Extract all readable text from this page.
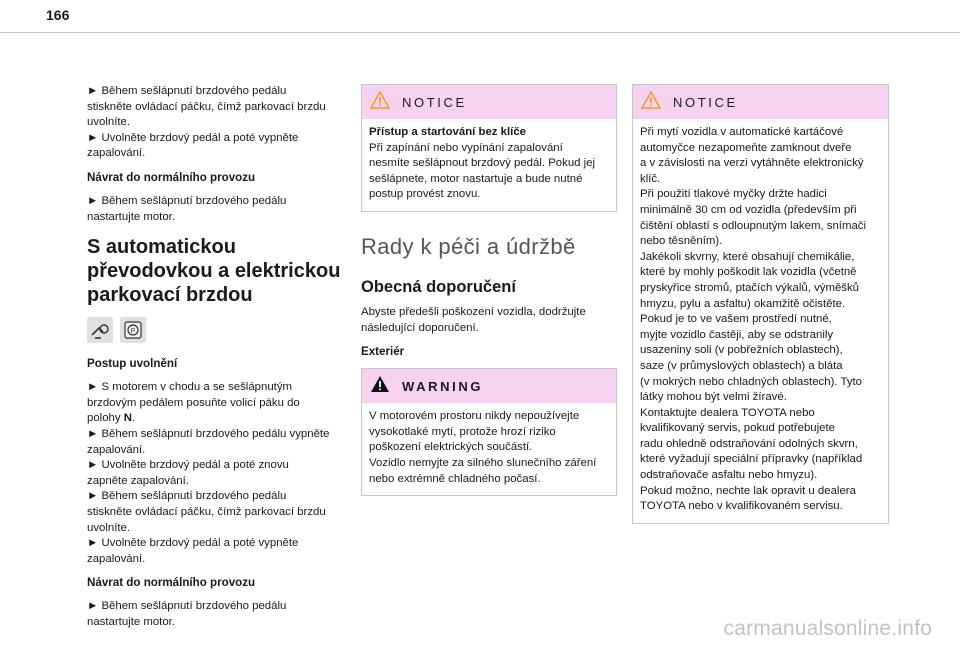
166
► Během sešlápnutí brzdového pedálu
stiskněte ovládací páčku, čímž parkovací brzdu
uvolníte.
► Uvolněte brzdový pedál a poté vypněte
zapalování.
Návrat do normálního provozu
► Během sešlápnutí brzdového pedálu
nastartujte motor.
S automatickou
převodovkou a elektrickou
parkovací brzdou
P
Postup uvolnění
► S motorem v chodu a se sešlápnutým
brzdovým pedálem posuňte volicí páku do
polohy N.
► Během sešlápnutí brzdového pedálu vypněte
zapalování.
► Uvolněte brzdový pedál a poté znovu
zapněte zapalování.
► Během sešlápnutí brzdového pedálu
stiskněte ovládací páčku, čímž parkovací brzdu
uvolníte.
► Uvolněte brzdový pedál a poté vypněte
zapalování.
Návrat do normálního provozu
► Během sešlápnutí brzdového pedálu
nastartujte motor.
NOTICE
Přístup a startování bez klíče
Při zapínání nebo vypínání zapalování
nesmíte sešlápnout brzdový pedál. Pokud jej
sešlápnete, motor nastartuje a bude nutné
postup provést znovu.
Rady k péči a údržbě
Obecná doporučení
Abyste předešli poškození vozidla, dodržujte
následující doporučení.
Exteriér
WARNING
V motorovém prostoru nikdy nepoužívejte
vysokotlaké mytí, protože hrozí riziko
poškození elektrických součástí.
Vozidlo nemyjte za silného slunečního záření
nebo extrémně chladného počasí.
NOTICE
Při mytí vozidla v automatické kartáčové
automyčce nezapomeňte zamknout dveře
a v závislosti na verzi vytáhněte elektronický
klíč.
Při použití tlakové myčky držte hadici
minimálně 30 cm od vozidla (především při
čištění oblastí s odloupnutým lakem, snímači
nebo těsněním).
Jakékoli skvrny, které obsahují chemikálie,
které by mohly poškodit lak vozidla (včetně
pryskyřice stromů, ptačích výkalů, výměšků
hmyzu, pylu a asfaltu) okamžitě očistěte.
Pokud je to ve vašem prostředí nutné,
myjte vozidlo častěji, aby se odstranily
usazeniny soli (v pobřežních oblastech),
saze (v průmyslových oblastech) a bláta
(v mokrých nebo chladných oblastech). Tyto
látky mohou být velmi žíravé.
Kontaktujte dealera TOYOTA nebo
kvalifikovaný servis, pokud potřebujete
radu ohledně odstraňování odolných skvrn,
které vyžadují speciální přípravky (například
odstraňovače asfaltu nebo hmyzu).
Pokud možno, nechte lak opravit u dealera
TOYOTA nebo v kvalifikovaném servisu.
carmanualsonline.info
